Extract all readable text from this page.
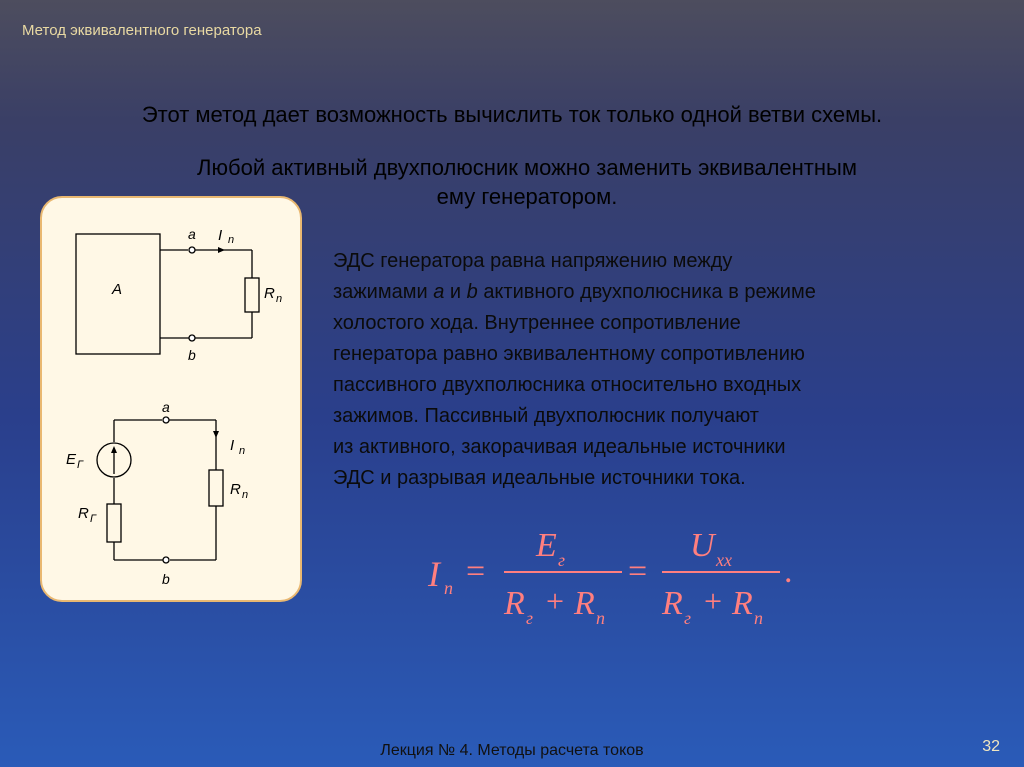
Метод эквивалентного генератора
Этот метод дает возможность вычислить ток только одной ветви схемы.
Любой активный двухполюсник можно заменить эквивалентным
ему генератором.
A
a
b
I n
R n
a
b
E Г
R Г
I n
R n
ЭДС генератора равна напряжению между
зажимами a и b активного двухполюсника в режиме
холостого хода. Внутреннее сопротивление
генератора равно эквивалентному сопротивлению
пассивного двухполюсника относительно входных
зажимов. Пассивный двухполюсник получают
из активного, закорачивая идеальные источники
ЭДС и разрывая идеальные источники тока.
I n =
E г
R г + R n
=
U xx
R г + R n
.
Лекция № 4. Методы расчета токов	32
